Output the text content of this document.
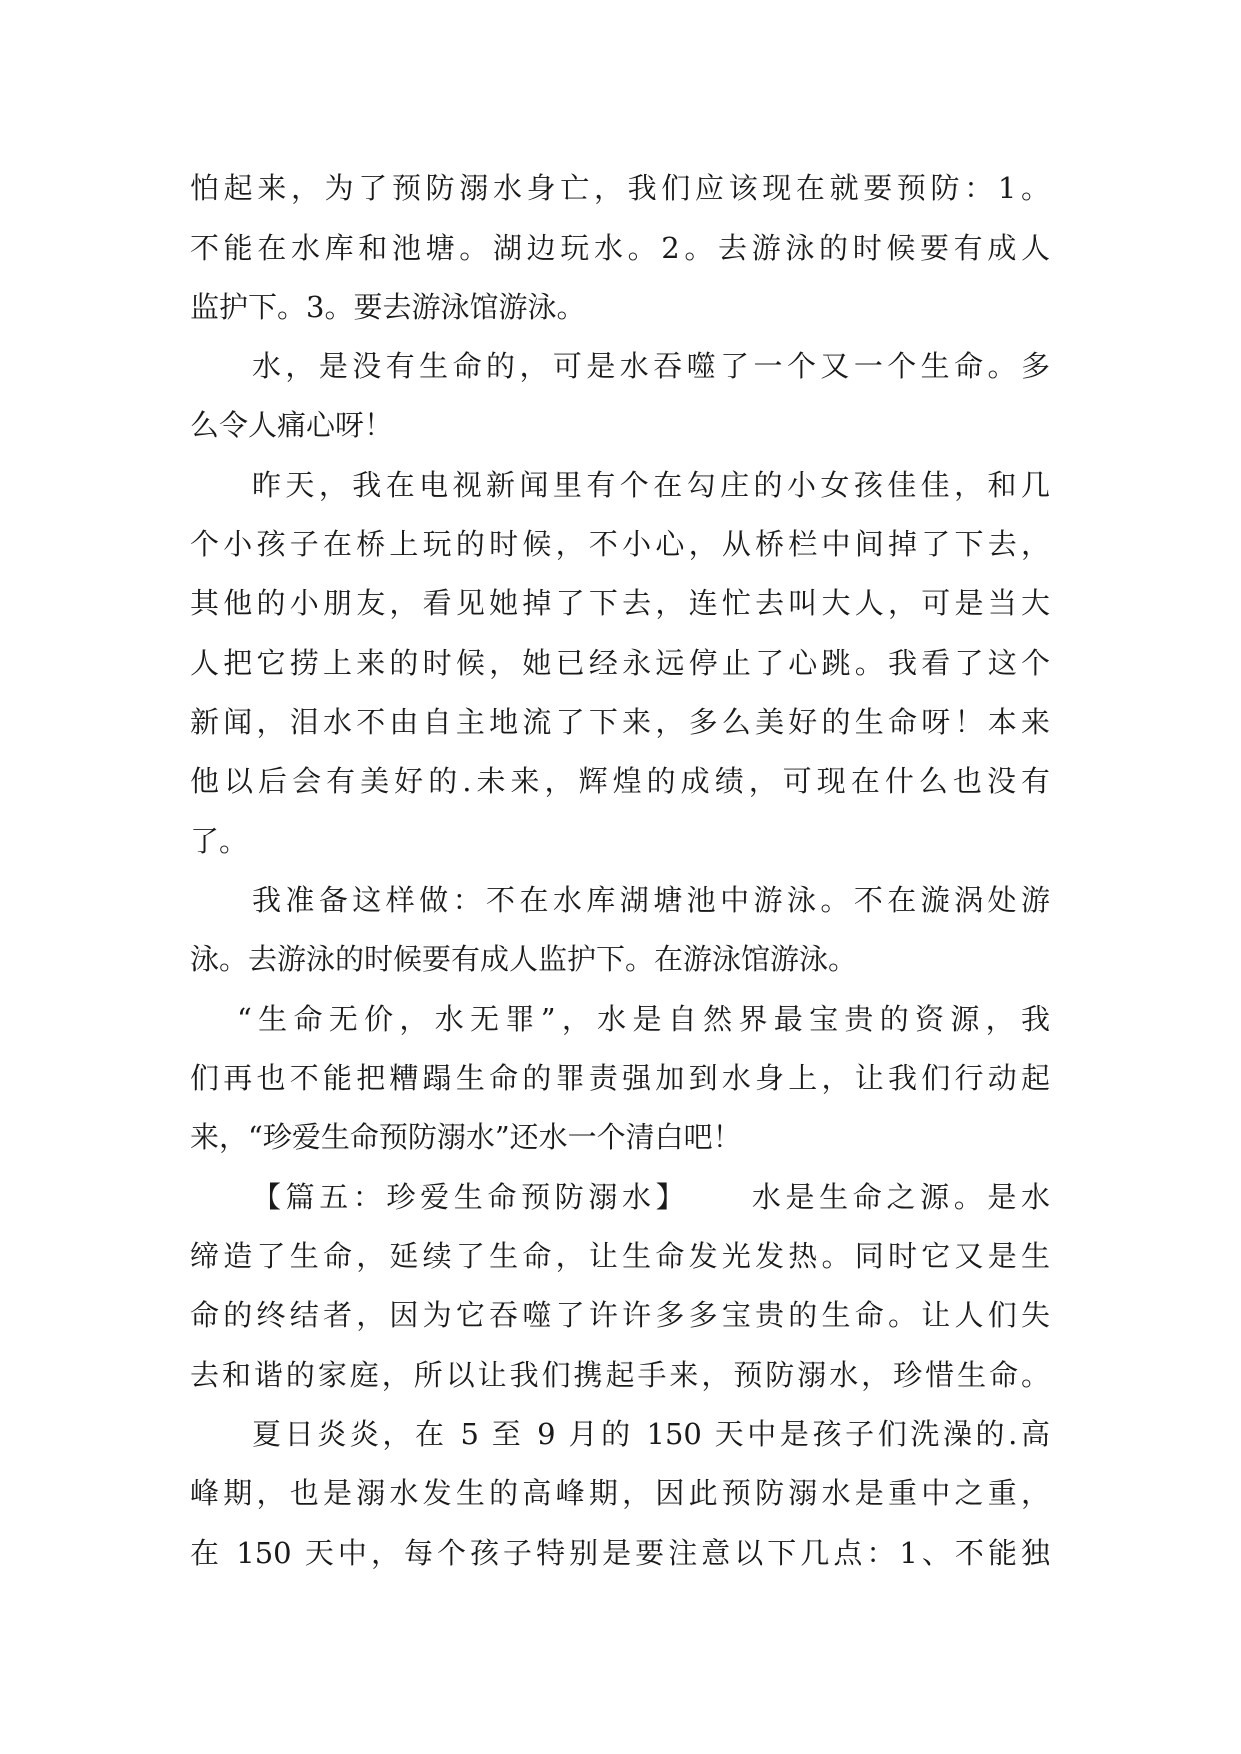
怕起来，为了预防溺水身亡，我们应该现在就要预防：1。

不能在水库和池塘。湖边玩水。2。去游泳的时候要有成人

监护下。3。要去游泳馆游泳。

水，是没有生命的，可是水吞噬了一个又一个生命。多

么令人痛心呀！

昨天，我在电视新闻里有个在勾庄的小女孩佳佳，和几

个小孩子在桥上玩的时候，不小心，从桥栏中间掉了下去，

其他的小朋友，看见她掉了下去，连忙去叫大人，可是当大

人把它捞上来的时候，她已经永远停止了心跳。我看了这个

新闻，泪水不由自主地流了下来，多么美好的生命呀！本来

他以后会有美好的.未来，辉煌的成绩，可现在什么也没有

了。

我准备这样做：不在水库湖塘池中游泳。不在漩涡处游

泳。去游泳的时候要有成人监护下。在游泳馆游泳。

“生命无价，水无罪”，水是自然界最宝贵的资源，我

们再也不能把糟蹋生命的罪责强加到水身上，让我们行动起

来，“珍爱生命预防溺水”还水一个清白吧！

【篇五：珍爱生命预防溺水】 水是生命之源。是水

缔造了生命，延续了生命，让生命发光发热。同时它又是生

命的终结者，因为它吞噬了许许多多宝贵的生命。让人们失

去和谐的家庭，所以让我们携起手来，预防溺水，珍惜生命。

夏日炎炎，在 5 至 9 月的 150 天中是孩子们洗澡的.高

峰期，也是溺水发生的高峰期，因此预防溺水是重中之重，

在 150 天中，每个孩子特别是要注意以下几点：1、不能独
